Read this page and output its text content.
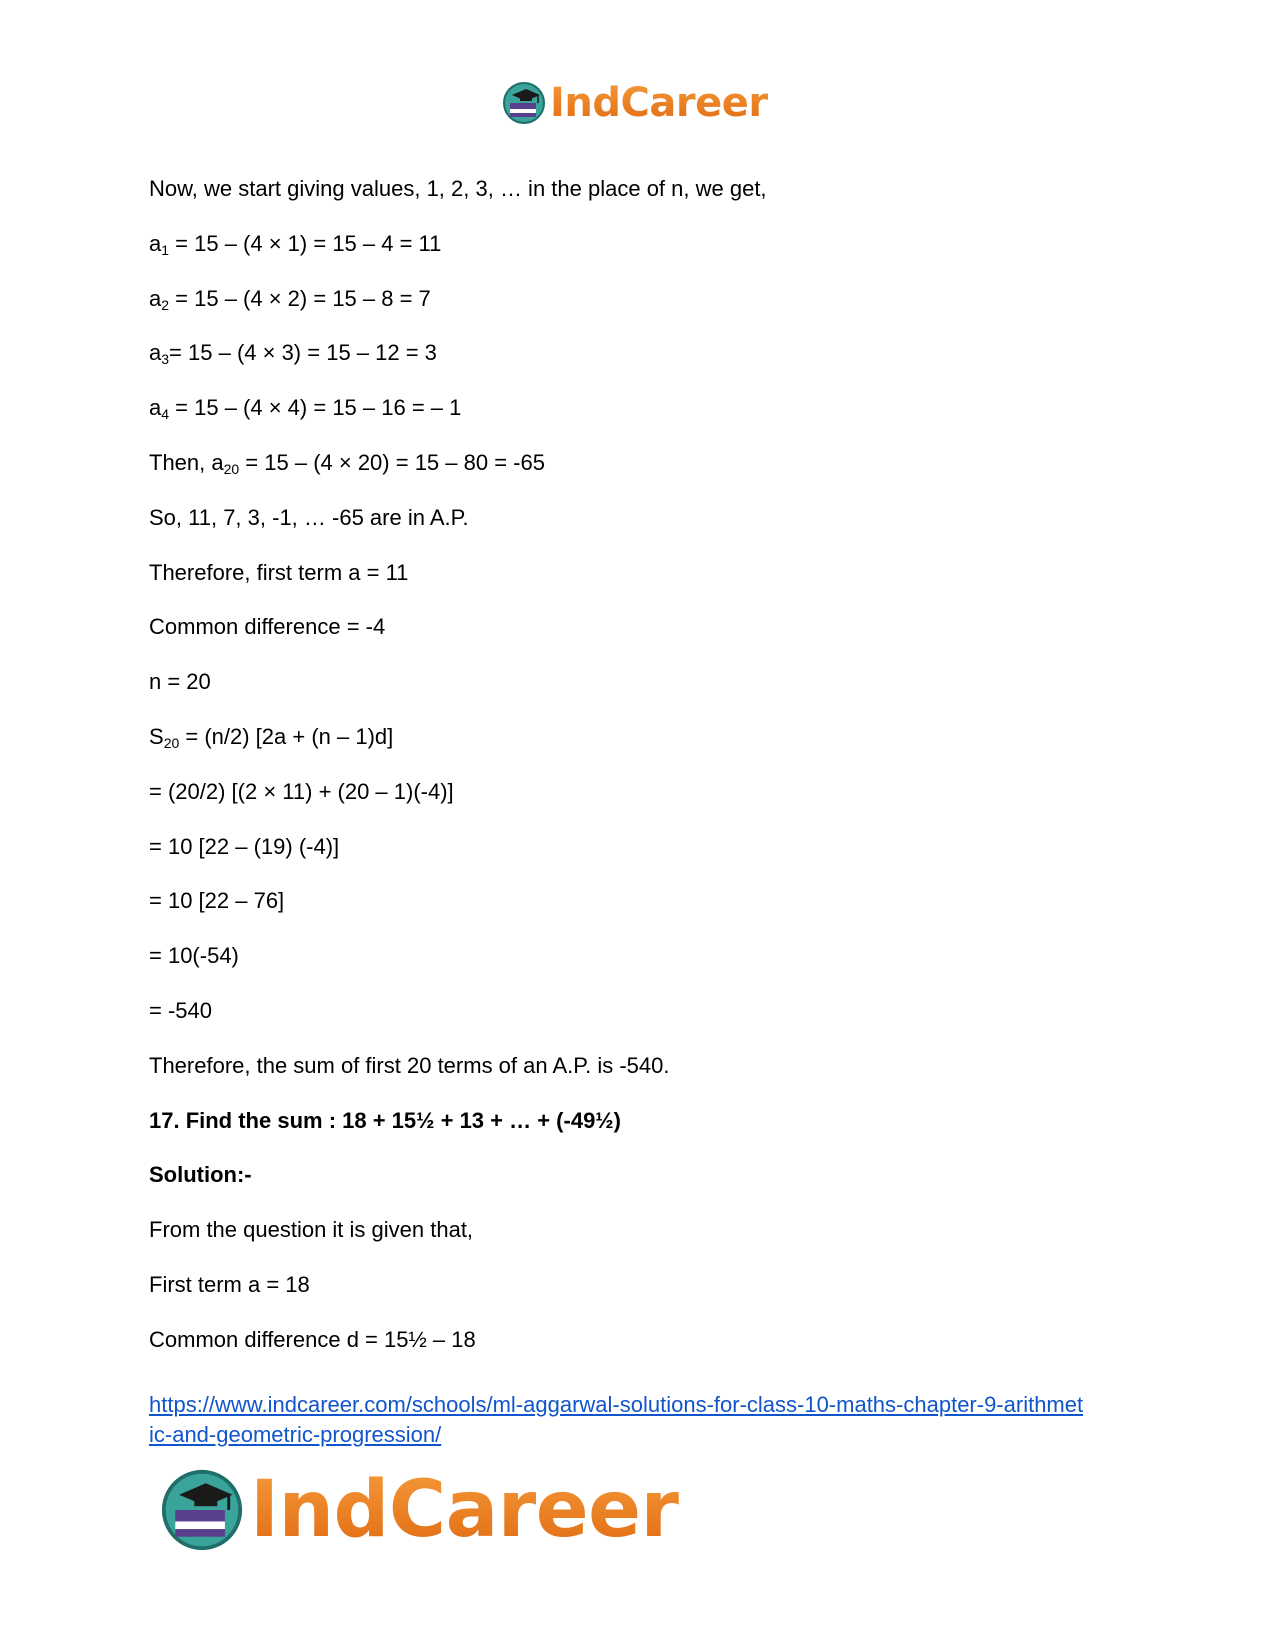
IndCareer
Now, we start giving values, 1, 2, 3, … in the place of n, we get,
$a_1 = 15 - (4 \times 1) = 15 - 4 = 11$
$a_2 = 15 - (4 \times 2) = 15 - 8 = 7$
$a_3= 15 - (4 \times 3) = 15 - 12 = 3$
$a_4 = 15 - (4 \times 4) = 15 - 16$ = – 1
Then, $a_{20} = 15 - (4 \times 20) = 15 - 80 = -65$
So, 11, 7, 3, -1, … -65 are in A.P.
Therefore, first term a = 11
Common difference = -4
n = 20
$S_{20} = (n/2) [2a + (n - 1)d]$
= (20/2) [(2 × 11) + (20 – 1)(-4)]
= 10 [22 – (19) (-4)]
= 10 [22 – 76]
= 10(-54)
= -540
Therefore, the sum of first 20 terms of an A.P. is -540.
17. Find the sum : 18 + 15½ + 13 + … + (-49½)
Solution:-
From the question it is given that,
First term a = 18
Common difference d = 15½ – 18
https://www.indcareer.com/schools/ml-aggarwal-solutions-for-class-10-maths-chapter-9-arithmet
ic-and-geometric-progression/
IndCareer
